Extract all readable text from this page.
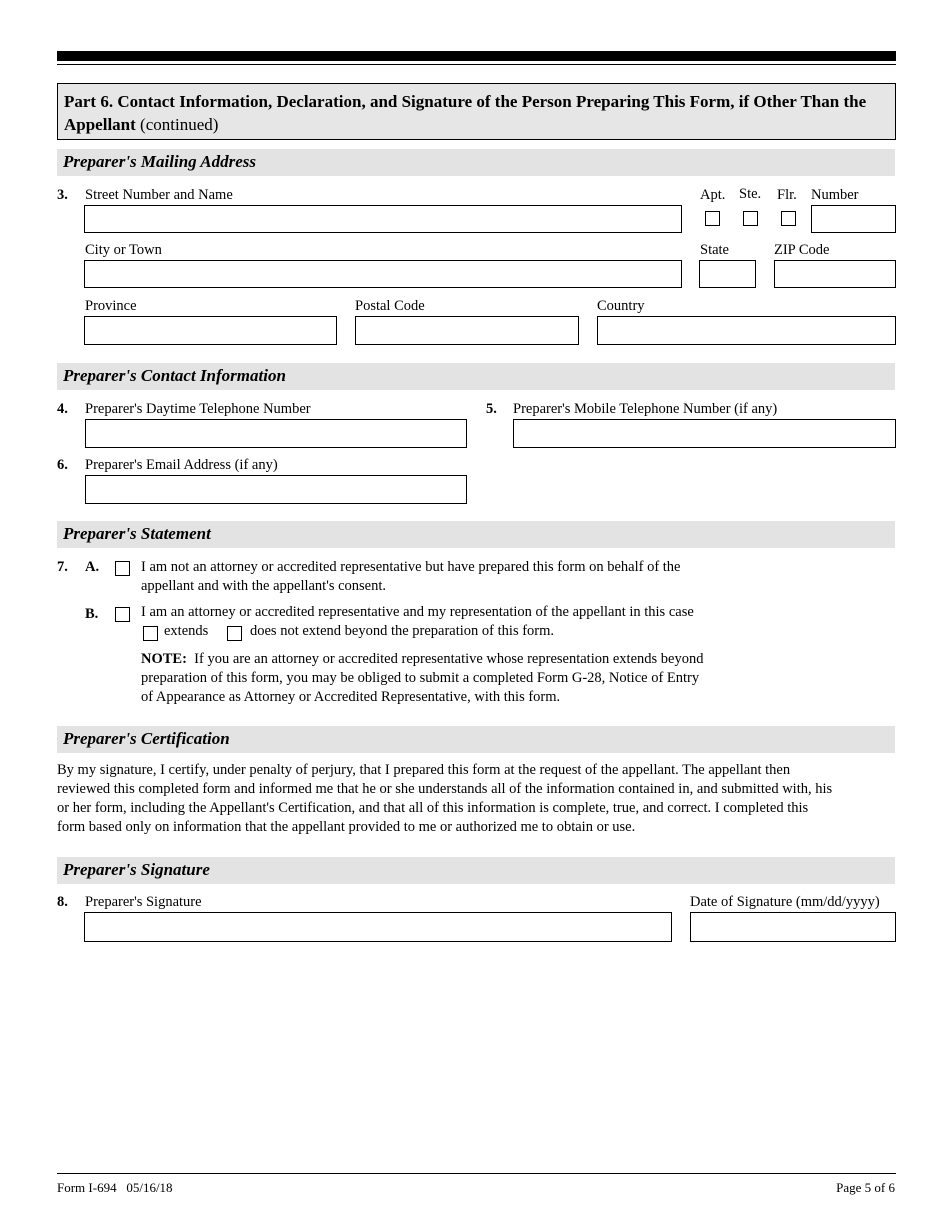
Part 6. Contact Information, Declaration, and Signature of the Person Preparing This Form, if Other Than the Appellant (continued)
Preparer's Mailing Address
3. Street Number and Name	Apt. Ste. Flr. Number
City or Town	State	ZIP Code
Province	Postal Code	Country
Preparer's Contact Information
4. Preparer's Daytime Telephone Number	5. Preparer's Mobile Telephone Number (if any)
6. Preparer's Email Address (if any)
Preparer's Statement
7. A.	I am not an attorney or accredited representative but have prepared this form on behalf of the
appellant and with the appellant's consent.
B.	I am an attorney or accredited representative and my representation of the appellant in this case
extends	does not extend beyond the preparation of this form.
NOTE: If you are an attorney or accredited representative whose representation extends beyond
preparation of this form, you may be obliged to submit a completed Form G-28, Notice of Entry
of Appearance as Attorney or Accredited Representative, with this form.
Preparer's Certification
By my signature, I certify, under penalty of perjury, that I prepared this form at the request of the appellant. The appellant then
reviewed this completed form and informed me that he or she understands all of the information contained in, and submitted with, his
or her form, including the Appellant's Certification, and that all of this information is complete, true, and correct. I completed this
form based only on information that the appellant provided to me or authorized me to obtain or use.
Preparer's Signature
8. Preparer's Signature	Date of Signature (mm/dd/yyyy)
Form I-694   05/16/18	Page 5 of 6
